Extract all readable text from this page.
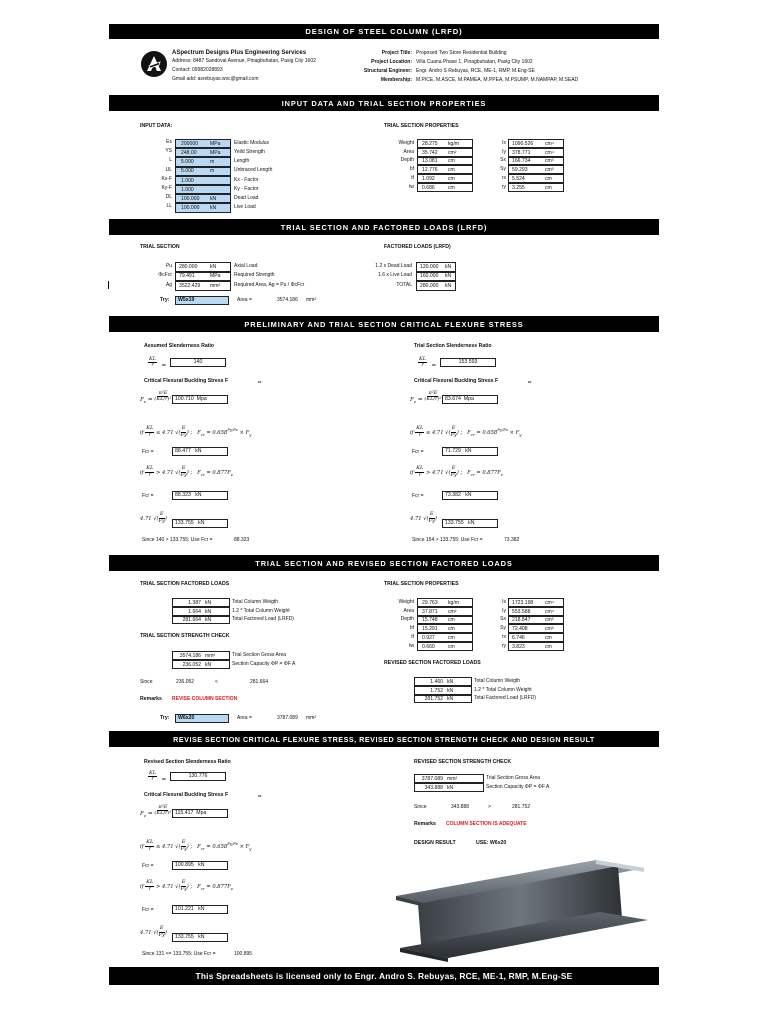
DESIGN OF STEEL COLUMN (LRFD)
ASpectrum Designs Plus Engineering Services
Address: 8487 Sandoval Avenue, Pinagbuhatan, Pasig City 1602
Contact: 09982028893
Gmail add: asrebuyas.wvc@gmail.com
Project Title: Proposed Two Store Residential Building
Project Location: Villa Cuana Phase 1, Pinagbuhatan, Pasig City 1602
Structural Engineer: Engr. Andro S Rebuyas, RCE, ME-1, RMP, M.Eng-SE
Membership: M.PICE, M.ASCE, M.PAMEA, M.PPEA, M.PSUMP, M.NAMPAP, M.SEAD
INPUT DATA AND TRIAL SECTION PROPERTIES
INPUT DATA:	TRIAL SECTION PROPERTIES
Es 200000 MPa	Elastic Modulus
YS 248.00	MPa	Yeild Strength
L 5.000	m	Length
UL 5.000	m	Unbraced Length
Kx-F 1.000	Kx - Factor
Ky-F 1.000	Ky - Factor
DL 100.000 kN	Dead Load
LL 100.000 kN	Live Load
Weight 28.275 kg/m
Area 35.742 cm²
Depth 13.081 cm
bf 12.776 cm
tf 1.092	cm
tw 0.686	cm
Ix 1090.526 cm⁴
Iy 378.771	cm⁴
Sx 166.734	cm³
Sy 59.293	cm³
rx 5.524	cm
ry 3.255	cm
TRIAL SECTION AND FACTORED LOADS (LRFD)
TRIAL SECTION	FACTORED LOADS (LRFD)
Pu 280.000 kN	Axial Load
ΦcFcr 79.491	MPa	Required Strength
Ag 3522.429 mm²	Required Area, Ag = Pu / ΦcFcr
1.2 x Dead Load 120.000 kN
1.6 x Live Load 160.000 kN
TOTAL 280.000 kN
Try:	W5x19	Area =	3574.186 mm²
PRELIMINARY AND TRIAL SECTION CRITICAL FLEXURE STRESS
Assumed Slenderness Ratio	Trial Section Slenderness Ratio
$\frac{KL}{r}$ =
140
Critical Flexural Buckling Stress F	cr
$F_e = \frac{\text{π²E}}{\text{(KL/r)²}} 100.710$ Mpa
if $\frac{KL}{r} \le 4.71$ √( $\frac{E}{Fy}$ ) ;   $F_{cr} = 0.658^{Fy/Fe} \times F_y$
Fcr =	88.477 kN
if $\frac{KL}{r} > 4.71$ √( $\frac{E}{Fy}$ ) ;   $F_{cr} = 0.877F_e$
Fcr =	88.323 kN
4.71 √( $\frac{E}{Fy}$ )
133.755 kN
Since 140 > 133.755: Use Fcr =	88.323
$\frac{KL}{r}$ =
153.593
Critical Flexural Buckling Stress F	cr
$F_e = \frac{\text{π²E}}{\text{(KL/r)²}} 83.674$ Mpa
if $\frac{KL}{r} \le 4.71$ √( $\frac{E}{Fy}$ ) ;   $F_{cr} = 0.658^{Fy/Fe} \times F_y$
Fcr =	71.729 kN
if $\frac{KL}{r} > 4.71$ √( $\frac{E}{Fy}$ ) ;   $F_{cr} = 0.877F_e$
Fcr =	73.382 kN
4.71 √( $\frac{E}{Fy}$ )
133.755 kN
Since 154 > 133.755: Use Fcr =	73.382
TRIAL SECTION AND REVISED SECTION FACTORED LOADS
TRIAL SECTION FACTORED LOADS	TRIAL SECTION PROPERTIES
1.387 kN	Total Column Weigth
1.664 kN	1.2 * Total Column Weight
281.664 kN	Total Factored Load (LRFD)
TRIAL SECTION STRENGTH CHECK
3574.186 mm²	Trial Section Gross Area
236.052 kN	Section Capacity ΦP = ΦF A
Since	236.052	<	281.664
Remarks REVISE COLUMN SECTION
Try:	W6x20	Area =	3787.089 mm²
Weight 29.763 kg/m
Area 37.871 cm²
Depth 15.748 cm
bf 15.291 cm
tf 0.927	cm
tw 0.660	cm
Ix 1723.198 cm⁴
Iy 553.588	cm⁴
Sx 218.847	cm³
Sy 72.408	cm³
rx 6.746	cm
ry 3.823	cm
REVISED SECTION FACTORED LOADS
1.460 kN	Total Column Weigth
1.752 kN	1.2 * Total Column Weight
281.752 kN	Total Factored Load (LRFD)
REVISE SECTION CRITICAL FLEXURE STRESS, REVISED SECTION STRENGTH CHECK AND DESIGN RESULT
Revised Section Slenderness Ratio
$\frac{KL}{r}$ =
130.776
Critical Flexural Buckling Stress F	cr
$F_e = \frac{\text{π²E}}{\text{(KL/r)²}} 115.417$ Mpa
if $\frac{KL}{r} \le 4.71$ √( $\frac{E}{Fy}$ ) ;   $F_{cr} = 0.658^{Fy/Fe} \times F_y$
Fcr =	100.895 kN
if $\frac{KL}{r} > 4.71$ √( $\frac{E}{Fy}$ ) ;   $F_{cr} = 0.877F_e$
Fcr =	101.221 kN
4.71 √( $\frac{E}{Fy}$ )
133.755 kN
Since 131 <= 133.755: Use Fcr =	100.895
REVISED SECTION STRENGTH CHECK
3787.089 mm²	Trial Section Gross Area
343.888 kN	Section Capacity ΦP = ΦF A
Since	343.888	>	281.752
Remarks COLUMN SECTION IS ADEQUATE
DESIGN RESULT	USE: W6x20
This Spreadsheets is licensed only to Engr. Andro S. Rebuyas, RCE, ME-1, RMP, M.Eng-SE
